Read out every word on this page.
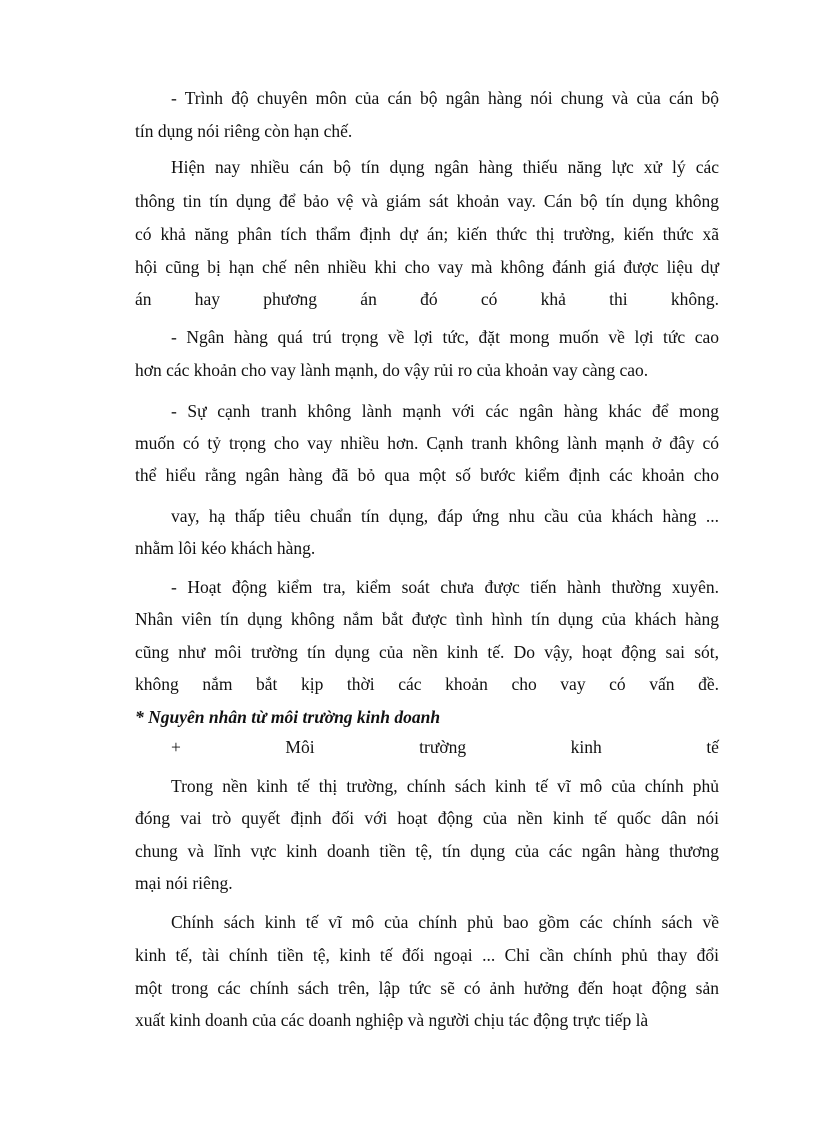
- Trình độ chuyên môn của cán bộ ngân hàng nói chung và của cán bộ
tín dụng nói riêng còn hạn chế.
Hiện nay nhiều cán bộ tín dụng ngân hàng thiếu năng lực xử lý các
thông tin tín dụng để bảo vệ và giám sát khoản vay. Cán bộ tín dụng không
có khả năng phân tích thẩm định dự án; kiến thức thị trường, kiến thức xã
hội cũng bị hạn chế nên nhiều khi cho vay mà không đánh giá được liệu dự
án hay phương án đó có khả thi không.
- Ngân hàng quá trú trọng về lợi tức, đặt mong muốn về lợi tức cao
hơn các khoản cho vay lành mạnh, do vậy rủi ro của khoản vay càng cao.
- Sự cạnh tranh không lành mạnh với các ngân hàng khác để mong
muốn có tỷ trọng cho vay nhiều hơn. Cạnh tranh không lành mạnh ở đây có
thể hiểu rằng ngân hàng đã bỏ qua một số bước kiểm định các khoản cho
vay, hạ thấp tiêu chuẩn tín dụng, đáp ứng nhu cầu của khách hàng ...
nhằm lôi kéo khách hàng.
- Hoạt động kiểm tra, kiểm soát chưa được tiến hành thường xuyên.
Nhân viên tín dụng không nắm bắt được tình hình tín dụng của khách hàng
cũng như môi trường tín dụng của nền kinh tế. Do vậy, hoạt động sai sót,
không nắm bắt kịp thời các khoản cho vay có vấn đề.
* Nguyên nhân từ môi trường kinh doanh
+	Môi	trường	kinh	tế
Trong nền kinh tế thị trường, chính sách kinh tế vĩ mô của chính phủ
đóng vai trò quyết định đối với hoạt động của nền kinh tế quốc dân nói
chung và lĩnh vực kinh doanh tiền tệ, tín dụng của các ngân hàng thương
mại nói riêng.
Chính sách kinh tế vĩ mô của chính phủ bao gồm các chính sách về
kinh tế, tài chính tiền tệ, kinh tế đối ngoại ... Chỉ cần chính phủ thay đổi
một trong các chính sách trên, lập tức sẽ có ảnh hưởng đến hoạt động sản
xuất kinh doanh của các doanh nghiệp và người chịu tác động trực tiếp là
